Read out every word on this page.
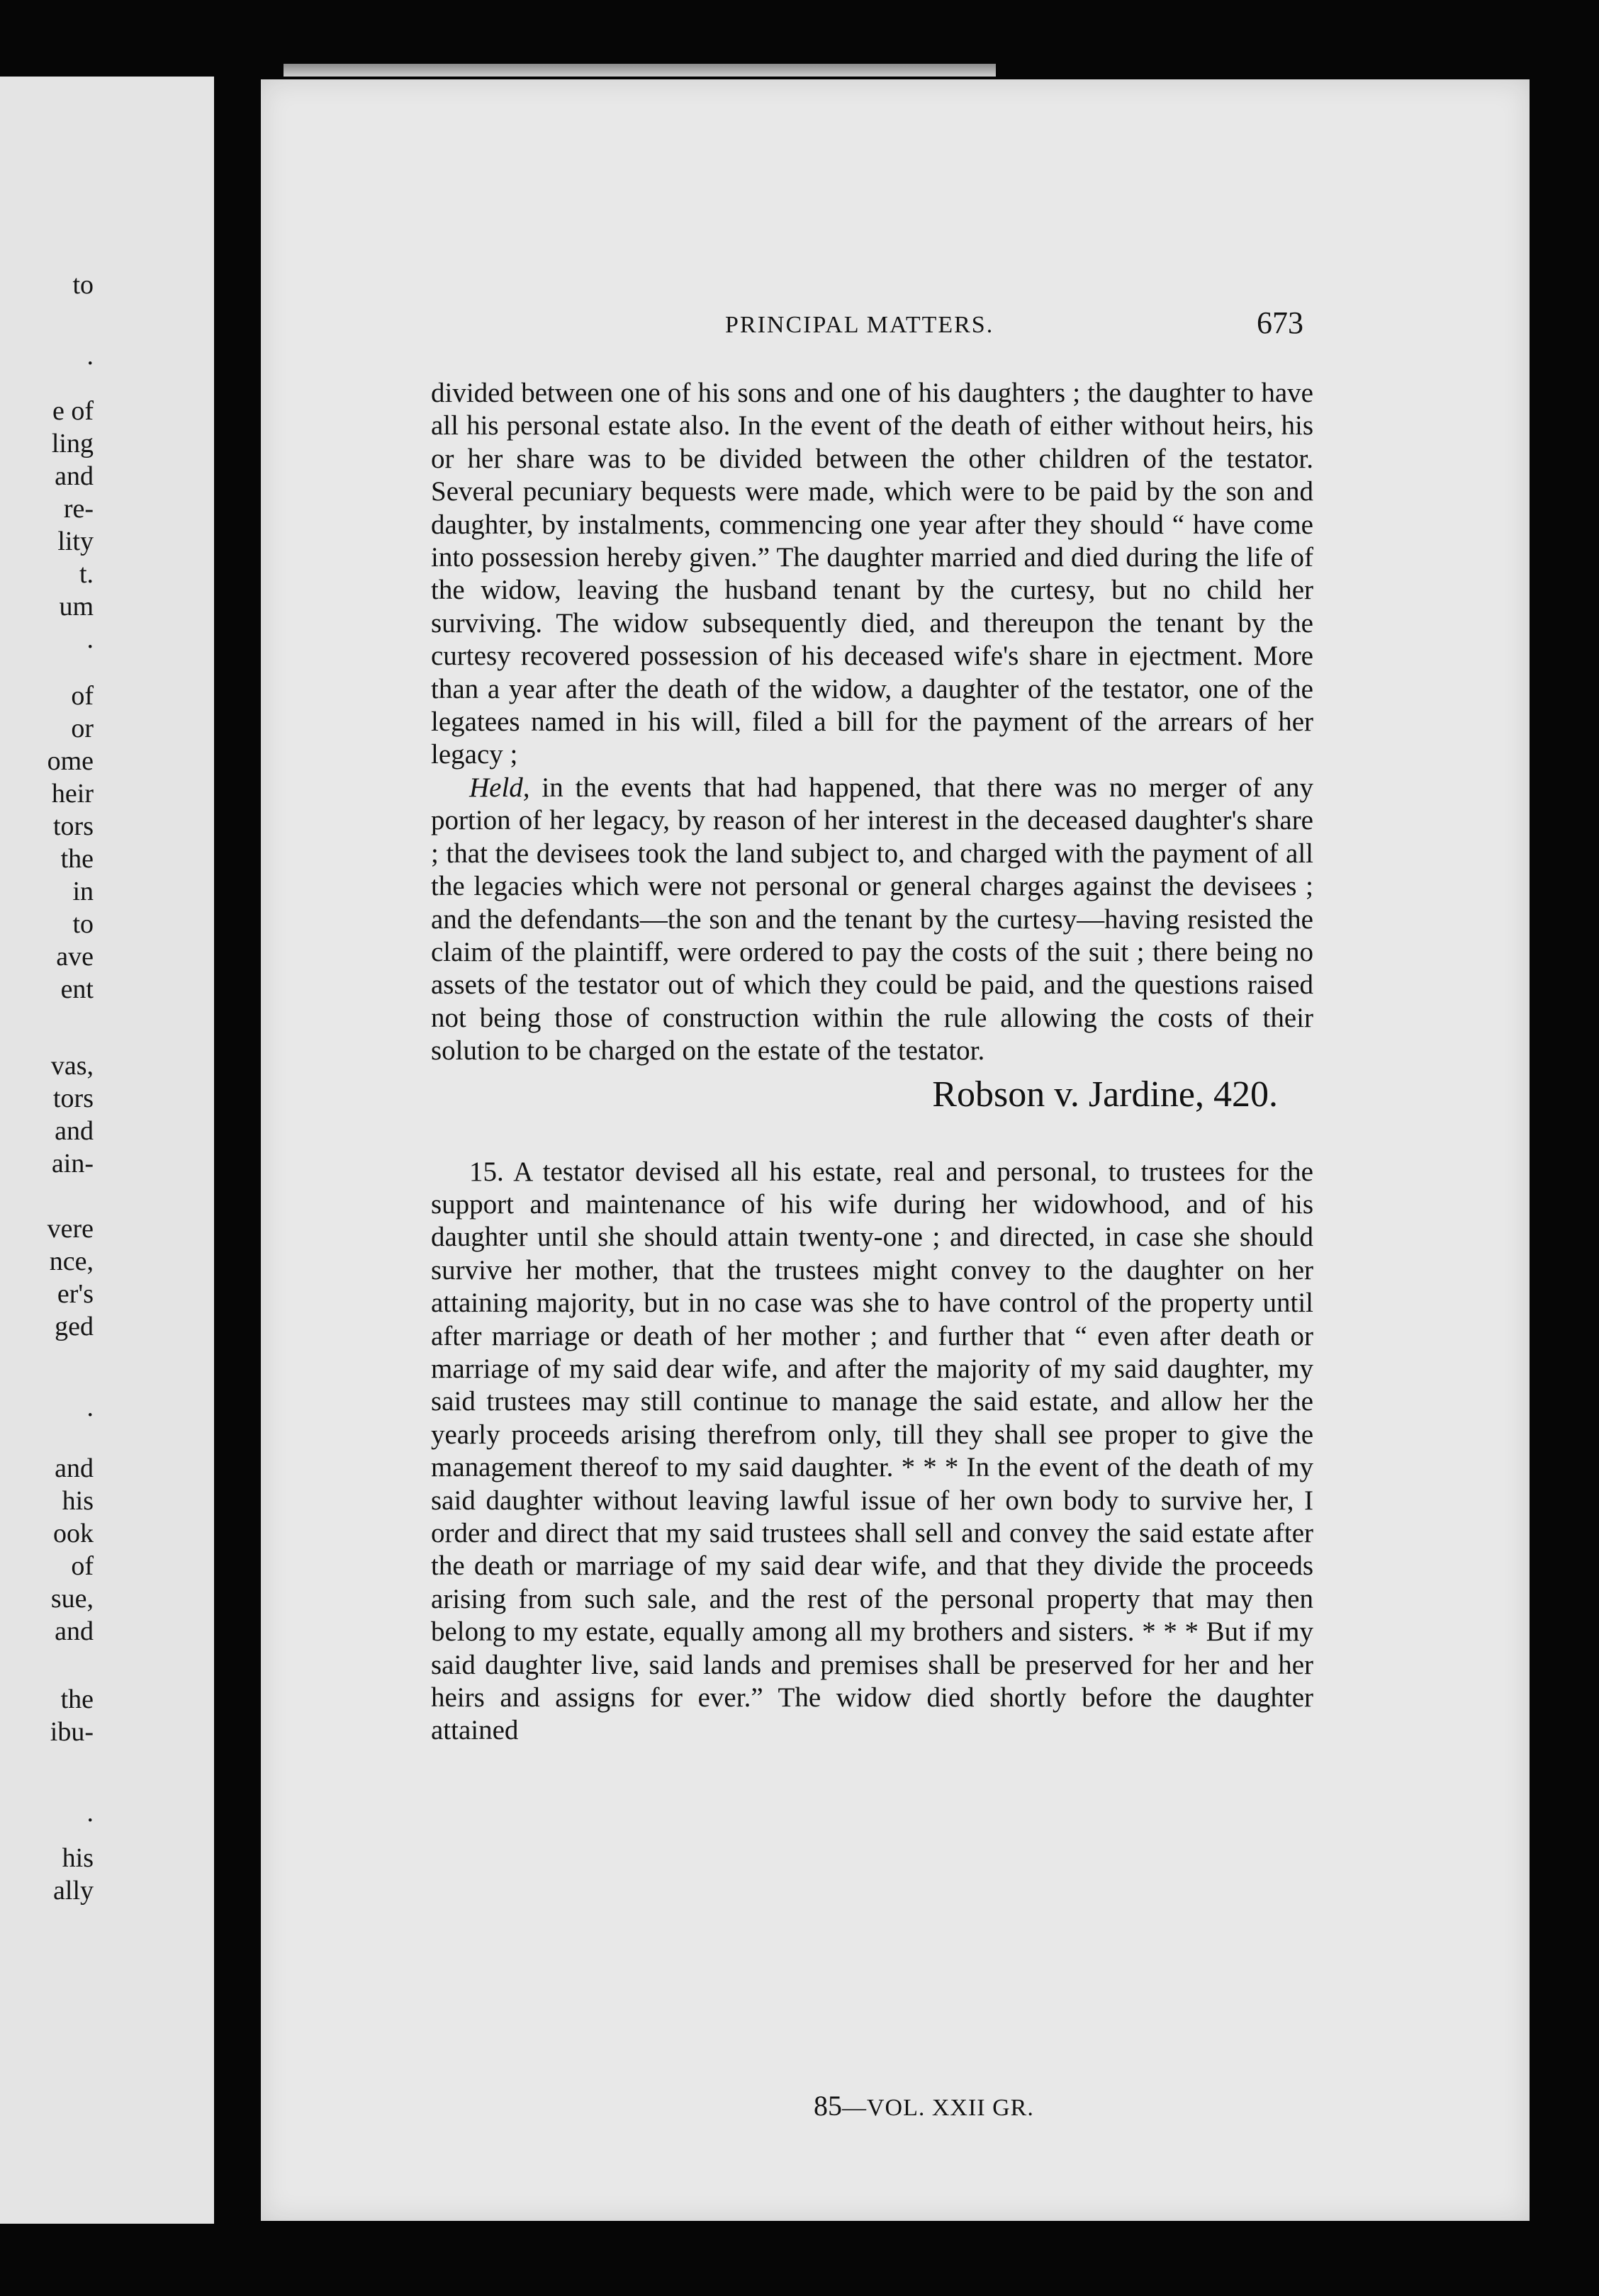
to
.
e of
ling
and
re-
lity
t.
um
.
of
or
ome
heir
tors
the
in
to
ave
ent
vas,
tors
and
ain-
vere
nce,
er's
ged
.
and
his
ook
of
sue,
and
the
ibu-
.
his
ally
PRINCIPAL MATTERS.	673

divided between one of his sons and one of his daughters ; the daughter to have all his personal estate also. In the event of the death of either without heirs, his or her share was to be divided between the other children of the testator. Several pecuniary bequests were made, which were to be paid by the son and daughter, by instalments, commencing one year after they should “ have come into possession hereby given.” The daughter married and died during the life of the widow, leaving the husband tenant by the curtesy, but no child her surviving. The widow subsequently died, and thereupon the tenant by the curtesy recovered possession of his deceased wife's share in ejectment. More than a year after the death of the widow, a daughter of the testator, one of the legatees named in his will, filed a bill for the payment of the arrears of her legacy ;

Held, in the events that had happened, that there was no merger of any portion of her legacy, by reason of her interest in the deceased daughter's share ; that the devisees took the land subject to, and charged with the payment of all the legacies which were not personal or general charges against the devisees ; and the defendants—the son and the tenant by the curtesy—having resisted the claim of the plaintiff, were ordered to pay the costs of the suit ; there being no assets of the testator out of which they could be paid, and the questions raised not being those of construction within the rule allowing the costs of their solution to be charged on the estate of the testator.

Robson v. Jardine, 420.

15. A testator devised all his estate, real and personal, to trustees for the support and maintenance of his wife during her widowhood, and of his daughter until she should attain twenty-one ; and directed, in case she should survive her mother, that the trustees might convey to the daughter on her attaining majority, but in no case was she to have control of the property until after marriage or death of her mother ; and further that “ even after death or marriage of my said dear wife, and after the majority of my said daughter, my said trustees may still continue to manage the said estate, and allow her the yearly proceeds arising therefrom only, till they shall see proper to give the management thereof to my said daughter. * * * In the event of the death of my said daughter without leaving lawful issue of her own body to survive her, I order and direct that my said trustees shall sell and convey the said estate after the death or marriage of my said dear wife, and that they divide the proceeds arising from such sale, and the rest of the personal property that may then belong to my estate, equally among all my brothers and sisters. * * * But if my said daughter live, said lands and premises shall be preserved for her and her heirs and assigns for ever.” The widow died shortly before the daughter attained

85—VOL. XXII GR.
